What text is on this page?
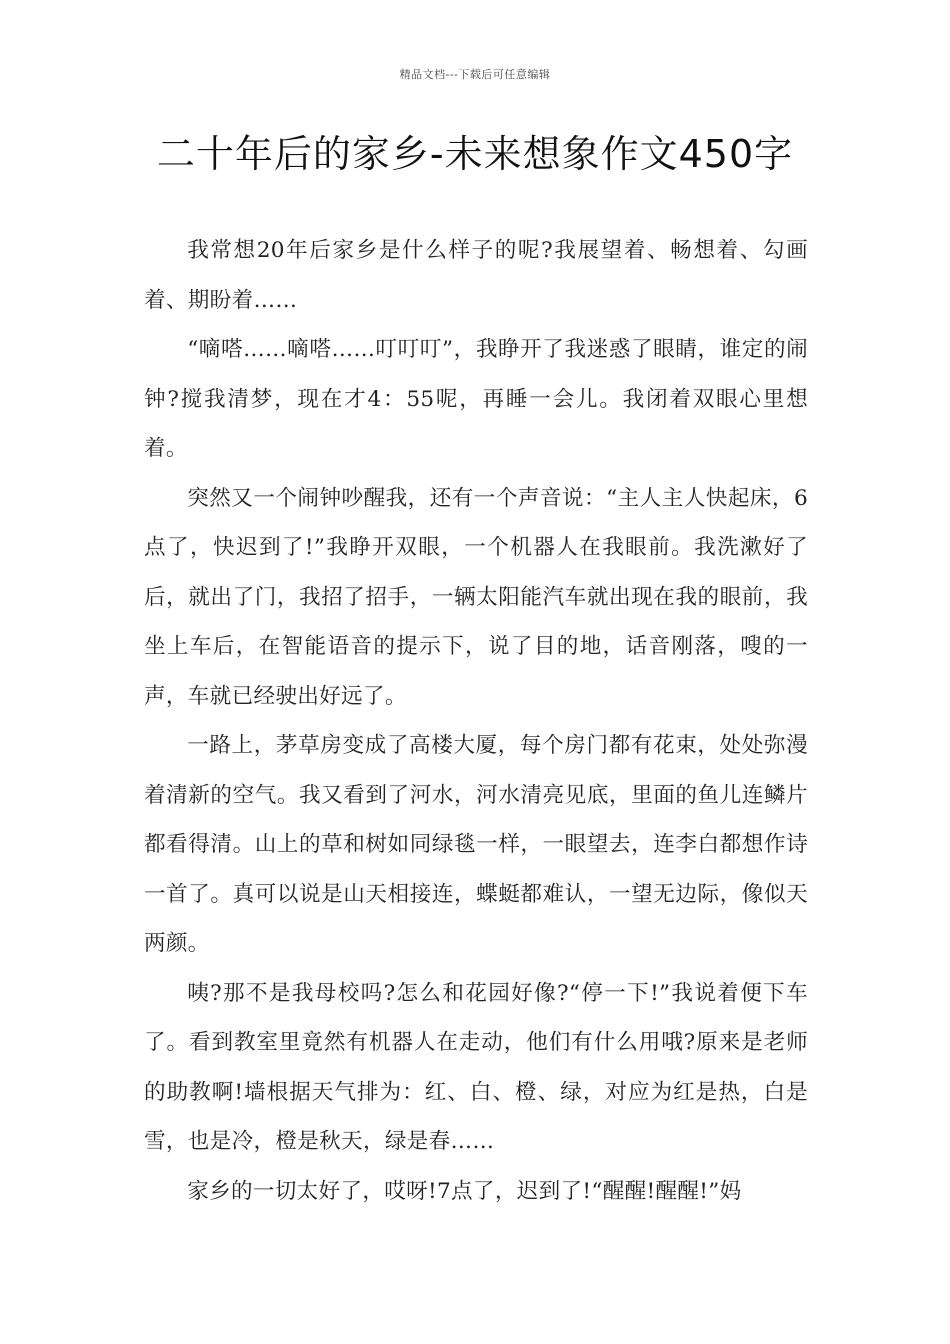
精品文档---下载后可任意编辑
二十年后的家乡-未来想象作文450字

我常想20年后家乡是什么样子的呢?我展望着、畅想着、勾画着、期盼着……

“嘀嗒……嘀嗒……叮叮叮”，我睁开了我迷惑了眼睛，谁定的闹钟?搅我清梦，现在才4：55呢，再睡一会儿。我闭着双眼心里想着。

突然又一个闹钟吵醒我，还有一个声音说：“主人主人快起床，6点了，快迟到了!”我睁开双眼，一个机器人在我眼前。我洗漱好了后，就出了门，我招了招手，一辆太阳能汽车就出现在我的眼前，我坐上车后，在智能语音的提示下，说了目的地，话音刚落，嗖的一声，车就已经驶出好远了。

一路上，茅草房变成了高楼大厦，每个房门都有花束，处处弥漫着清新的空气。我又看到了河水，河水清亮见底，里面的鱼儿连鳞片都看得清。山上的草和树如同绿毯一样，一眼望去，连李白都想作诗一首了。真可以说是山天相接连，蝶蜓都难认，一望无边际，像似天两颜。

咦?那不是我母校吗?怎么和花园好像?“停一下!”我说着便下车了。看到教室里竟然有机器人在走动，他们有什么用哦?原来是老师的助教啊!墙根据天气排为：红、白、橙、绿，对应为红是热，白是雪，也是冷，橙是秋天，绿是春……

家乡的一切太好了，哎呀!7点了，迟到了!“醒醒!醒醒!”妈
